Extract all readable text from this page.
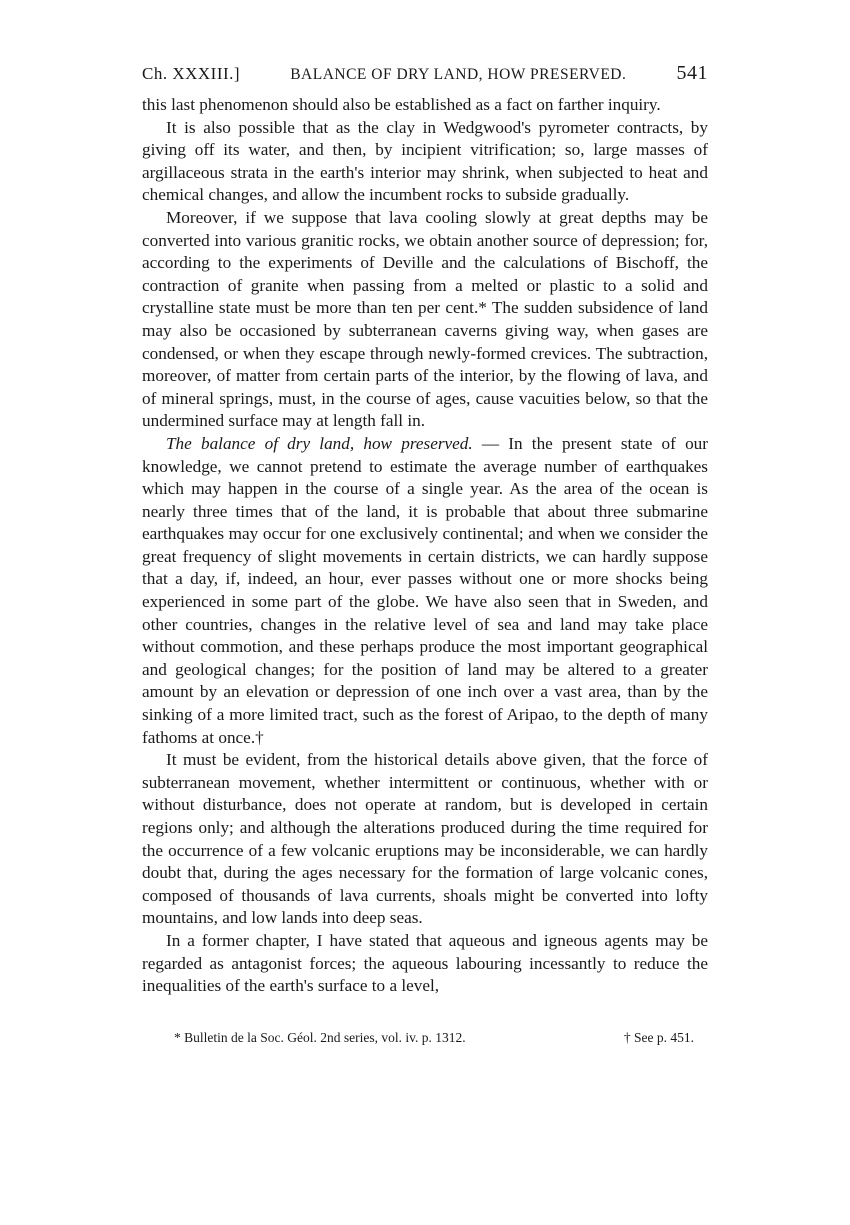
Ch. XXXIII.]	BALANCE OF DRY LAND, HOW PRESERVED.	541

this last phenomenon should also be established as a fact on farther inquiry.

It is also possible that as the clay in Wedgwood's pyrometer contracts, by giving off its water, and then, by incipient vitrification; so, large masses of argillaceous strata in the earth's interior may shrink, when subjected to heat and chemical changes, and allow the incumbent rocks to subside gradually.

Moreover, if we suppose that lava cooling slowly at great depths may be converted into various granitic rocks, we obtain another source of depression; for, according to the experiments of Deville and the calculations of Bischoff, the contraction of granite when passing from a melted or plastic to a solid and crystalline state must be more than ten per cent.* The sudden subsidence of land may also be occasioned by subterranean caverns giving way, when gases are condensed, or when they escape through newly-formed crevices. The subtraction, moreover, of matter from certain parts of the interior, by the flowing of lava, and of mineral springs, must, in the course of ages, cause vacuities below, so that the undermined surface may at length fall in.

The balance of dry land, how preserved. — In the present state of our knowledge, we cannot pretend to estimate the average number of earthquakes which may happen in the course of a single year. As the area of the ocean is nearly three times that of the land, it is probable that about three submarine earthquakes may occur for one exclusively continental; and when we consider the great frequency of slight movements in certain districts, we can hardly suppose that a day, if, indeed, an hour, ever passes without one or more shocks being experienced in some part of the globe. We have also seen that in Sweden, and other countries, changes in the relative level of sea and land may take place without commotion, and these perhaps produce the most important geographical and geological changes; for the position of land may be altered to a greater amount by an elevation or depression of one inch over a vast area, than by the sinking of a more limited tract, such as the forest of Aripao, to the depth of many fathoms at once.†

It must be evident, from the historical details above given, that the force of subterranean movement, whether intermittent or continuous, whether with or without disturbance, does not operate at random, but is developed in certain regions only; and although the alterations produced during the time required for the occurrence of a few volcanic eruptions may be inconsiderable, we can hardly doubt that, during the ages necessary for the formation of large volcanic cones, composed of thousands of lava currents, shoals might be converted into lofty mountains, and low lands into deep seas.

In a former chapter, I have stated that aqueous and igneous agents may be regarded as antagonist forces; the aqueous labouring incessantly to reduce the inequalities of the earth's surface to a level,

* Bulletin de la Soc. Géol. 2nd series, vol. iv. p. 1312.	† See p. 451.
